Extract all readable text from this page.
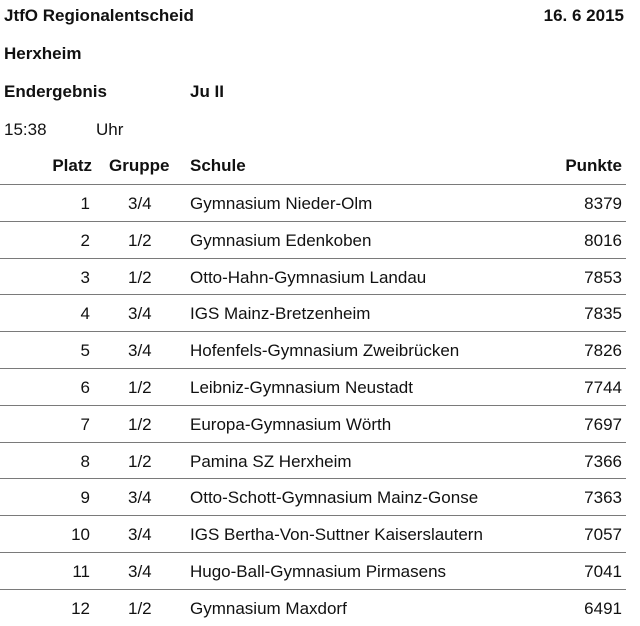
JtfO Regionalentscheid	16. 6 2015
Herxheim
Endergebnis	Ju II
15:38	Uhr
Platz Gruppe Schule	Punkte
1 3/4 Gymnasium Nieder-Olm	8379
2 1/2 Gymnasium Edenkoben	8016
3 1/2 Otto-Hahn-Gymnasium Landau	7853
4 3/4 IGS Mainz-Bretzenheim	7835
5 3/4 Hofenfels-Gymnasium Zweibrücken	7826
6 1/2 Leibniz-Gymnasium Neustadt	7744
7 1/2 Europa-Gymnasium Wörth	7697
8 1/2 Pamina SZ Herxheim	7366
9 3/4 Otto-Schott-Gymnasium Mainz-Gonse	7363
10 3/4 IGS Bertha-Von-Suttner Kaiserslautern	7057
11 3/4 Hugo-Ball-Gymnasium Pirmasens	7041
12 1/2 Gymnasium Maxdorf	6491
